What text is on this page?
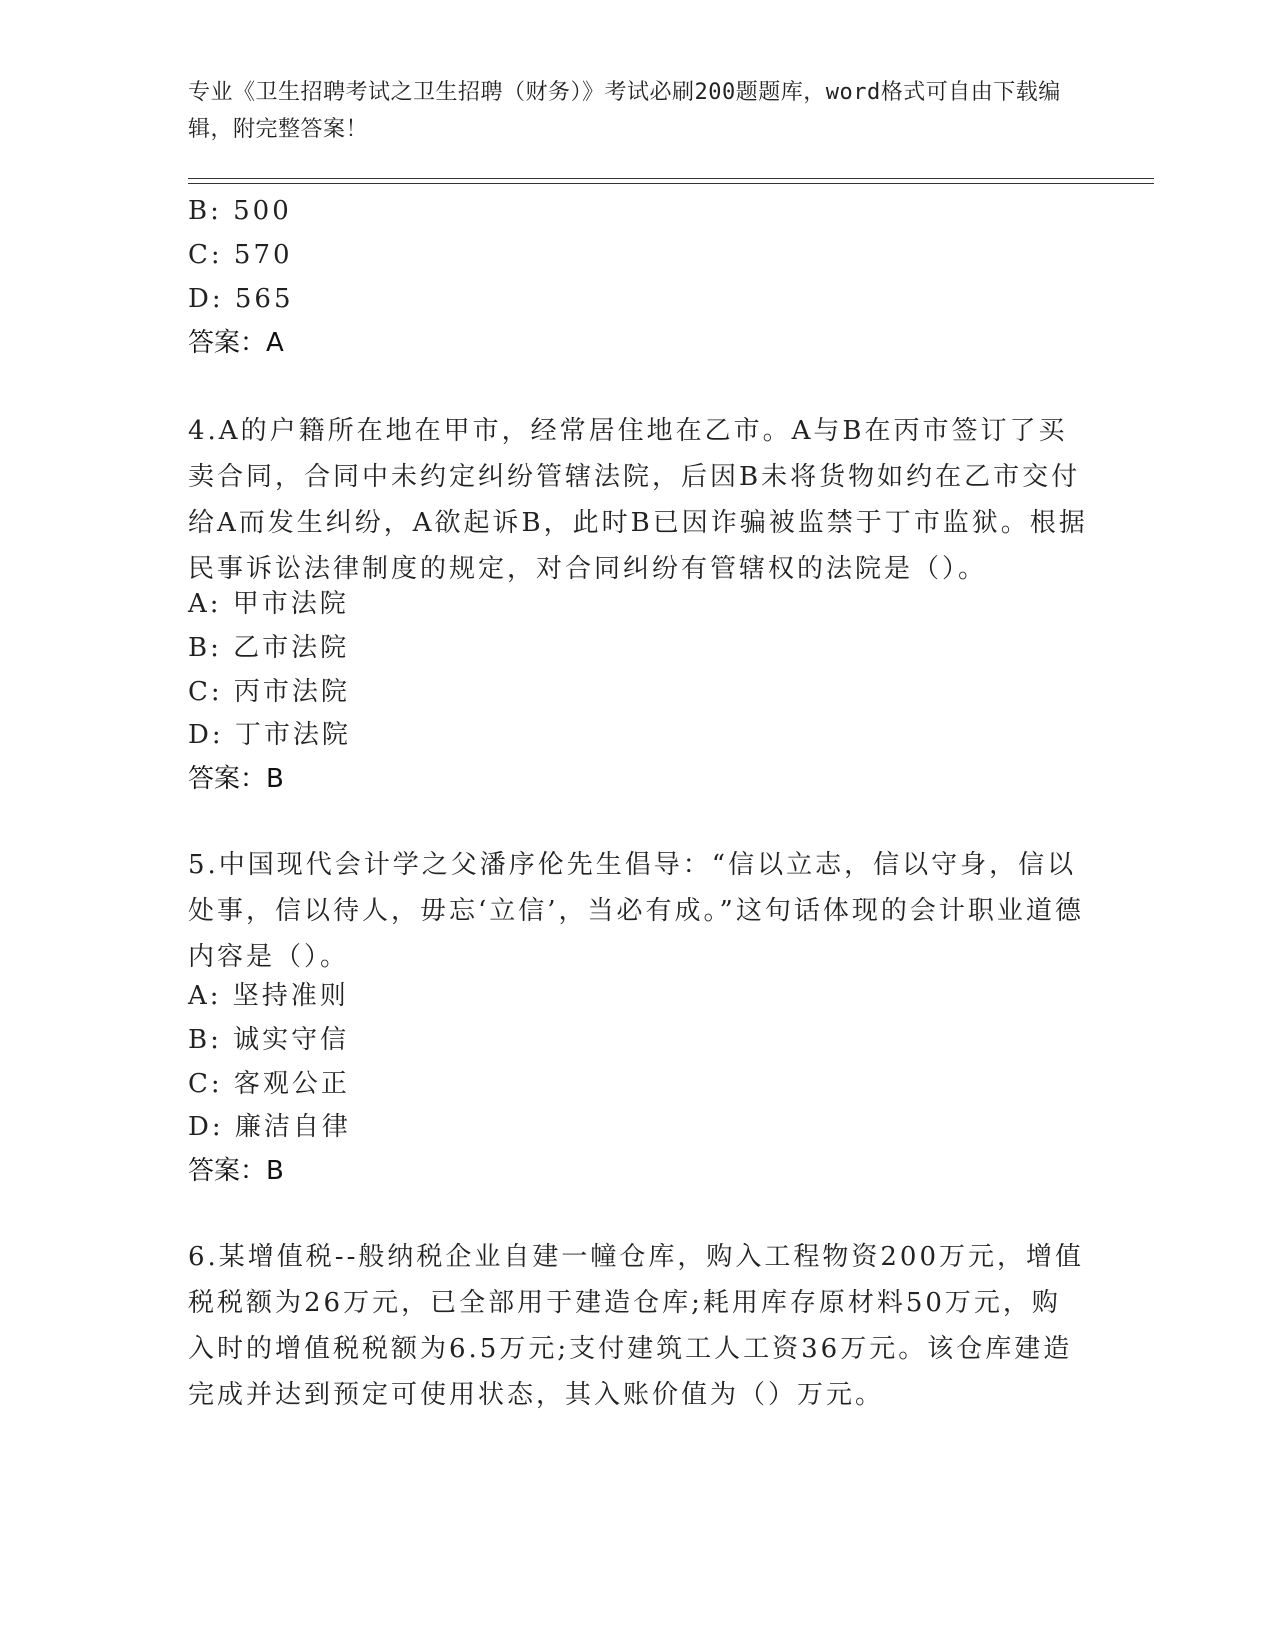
专业《卫生招聘考试之卫生招聘（财务）》考试必刷200题题库，word格式可自由下载编辑，附完整答案！
B: 500
C: 570
D: 565
答案：A
4.A的户籍所在地在甲市，经常居住地在乙市。A与B在丙市签订了买卖合同，合同中未约定纠纷管辖法院，后因B未将货物如约在乙市交付给A而发生纠纷，A欲起诉B，此时B已因诈骗被监禁于丁市监狱。根据民事诉讼法律制度的规定，对合同纠纷有管辖权的法院是（）。
A: 甲市法院
B: 乙市法院
C: 丙市法院
D: 丁市法院
答案：B
5.中国现代会计学之父潘序伦先生倡导：“信以立志，信以守身，信以处事，信以待人，毋忘‘立信’，当必有成。”这句话体现的会计职业道德内容是（）。
A: 坚持准则
B: 诚实守信
C: 客观公正
D: 廉洁自律
答案：B
6.某增值税--般纳税企业自建一幢仓库，购入工程物资200万元，增值税税额为26万元，已全部用于建造仓库;耗用库存原材料50万元，购入时的增值税税额为6.5万元;支付建筑工人工资36万元。该仓库建造完成并达到预定可使用状态，其入账价值为（）万元。
